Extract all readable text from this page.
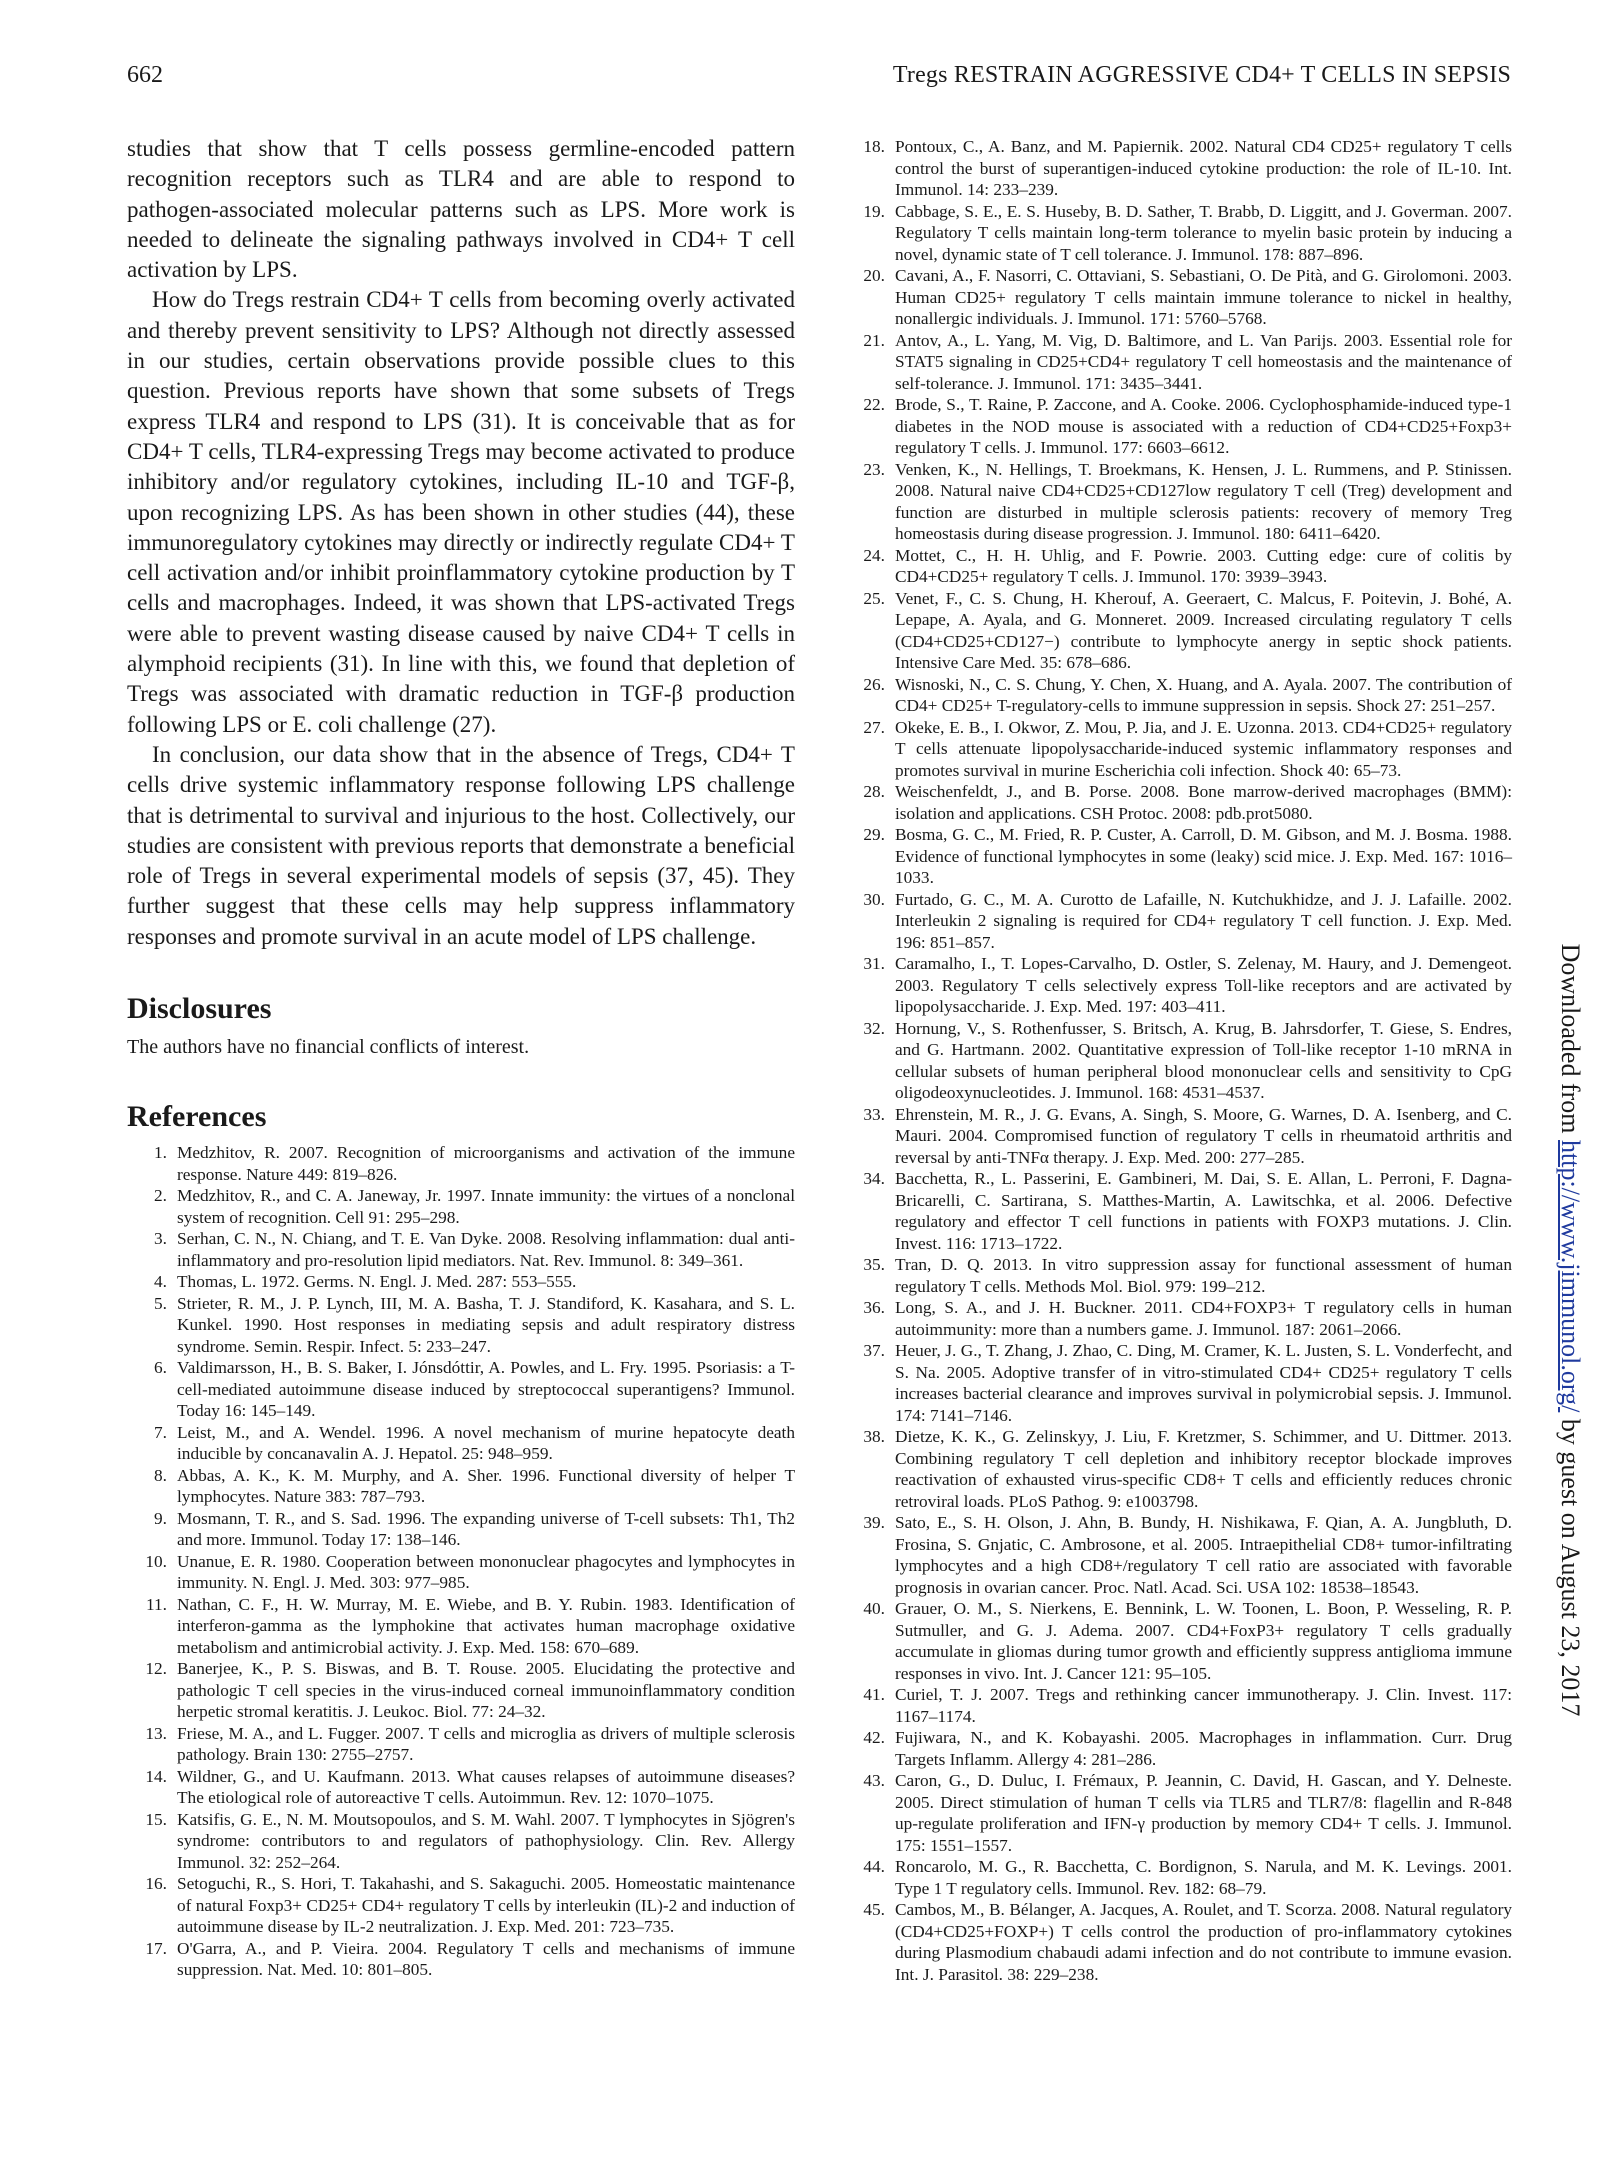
662	Tregs RESTRAIN AGGRESSIVE CD4+ T CELLS IN SEPSIS

studies that show that T cells possess germline-encoded pattern recognition receptors such as TLR4 and are able to respond to pathogen-associated molecular patterns such as LPS. More work is needed to delineate the signaling pathways involved in CD4+ T cell activation by LPS.

How do Tregs restrain CD4+ T cells from becoming overly activated and thereby prevent sensitivity to LPS? Although not directly assessed in our studies, certain observations provide possible clues to this question. Previous reports have shown that some subsets of Tregs express TLR4 and respond to LPS (31). It is conceivable that as for CD4+ T cells, TLR4-expressing Tregs may become activated to produce inhibitory and/or regulatory cytokines, including IL-10 and TGF-β, upon recognizing LPS. As has been shown in other studies (44), these immunoregulatory cytokines may directly or indirectly regulate CD4+ T cell activation and/or inhibit proinflammatory cytokine production by T cells and macrophages. Indeed, it was shown that LPS-activated Tregs were able to prevent wasting disease caused by naive CD4+ T cells in alymphoid recipients (31). In line with this, we found that depletion of Tregs was associated with dramatic reduction in TGF-β production following LPS or E. coli challenge (27).

In conclusion, our data show that in the absence of Tregs, CD4+ T cells drive systemic inflammatory response following LPS challenge that is detrimental to survival and injurious to the host. Collectively, our studies are consistent with previous reports that demonstrate a beneficial role of Tregs in several experimental models of sepsis (37, 45). They further suggest that these cells may help suppress inflammatory responses and promote survival in an acute model of LPS challenge.

Disclosures

The authors have no financial conflicts of interest.

References
1. Medzhitov, R. 2007. Recognition of microorganisms and activation of the immune response. Nature 449: 819–826.
2. Medzhitov, R., and C. A. Janeway, Jr. 1997. Innate immunity: the virtues of a nonclonal system of recognition. Cell 91: 295–298.
3. Serhan, C. N., N. Chiang, and T. E. Van Dyke. 2008. Resolving inflammation: dual anti-inflammatory and pro-resolution lipid mediators. Nat. Rev. Immunol. 8: 349–361.
4. Thomas, L. 1972. Germs. N. Engl. J. Med. 287: 553–555.
5. Strieter, R. M., J. P. Lynch, III, M. A. Basha, T. J. Standiford, K. Kasahara, and S. L. Kunkel. 1990. Host responses in mediating sepsis and adult respiratory distress syndrome. Semin. Respir. Infect. 5: 233–247.
6. Valdimarsson, H., B. S. Baker, I. Jónsdóttir, A. Powles, and L. Fry. 1995. Psoriasis: a T-cell-mediated autoimmune disease induced by streptococcal superantigens? Immunol. Today 16: 145–149.
7. Leist, M., and A. Wendel. 1996. A novel mechanism of murine hepatocyte death inducible by concanavalin A. J. Hepatol. 25: 948–959.
8. Abbas, A. K., K. M. Murphy, and A. Sher. 1996. Functional diversity of helper T lymphocytes. Nature 383: 787–793.
9. Mosmann, T. R., and S. Sad. 1996. The expanding universe of T-cell subsets: Th1, Th2 and more. Immunol. Today 17: 138–146.
10. Unanue, E. R. 1980. Cooperation between mononuclear phagocytes and lymphocytes in immunity. N. Engl. J. Med. 303: 977–985.
11. Nathan, C. F., H. W. Murray, M. E. Wiebe, and B. Y. Rubin. 1983. Identification of interferon-gamma as the lymphokine that activates human macrophage oxidative metabolism and antimicrobial activity. J. Exp. Med. 158: 670–689.
12. Banerjee, K., P. S. Biswas, and B. T. Rouse. 2005. Elucidating the protective and pathologic T cell species in the virus-induced corneal immunoinflammatory condition herpetic stromal keratitis. J. Leukoc. Biol. 77: 24–32.
13. Friese, M. A., and L. Fugger. 2007. T cells and microglia as drivers of multiple sclerosis pathology. Brain 130: 2755–2757.
14. Wildner, G., and U. Kaufmann. 2013. What causes relapses of autoimmune diseases? The etiological role of autoreactive T cells. Autoimmun. Rev. 12: 1070–1075.
15. Katsifis, G. E., N. M. Moutsopoulos, and S. M. Wahl. 2007. T lymphocytes in Sjögren's syndrome: contributors to and regulators of pathophysiology. Clin. Rev. Allergy Immunol. 32: 252–264.
16. Setoguchi, R., S. Hori, T. Takahashi, and S. Sakaguchi. 2005. Homeostatic maintenance of natural Foxp3+ CD25+ CD4+ regulatory T cells by interleukin (IL)-2 and induction of autoimmune disease by IL-2 neutralization. J. Exp. Med. 201: 723–735.
17. O'Garra, A., and P. Vieira. 2004. Regulatory T cells and mechanisms of immune suppression. Nat. Med. 10: 801–805.
18. Pontoux, C., A. Banz, and M. Papiernik. 2002. Natural CD4 CD25+ regulatory T cells control the burst of superantigen-induced cytokine production: the role of IL-10. Int. Immunol. 14: 233–239.
19. Cabbage, S. E., E. S. Huseby, B. D. Sather, T. Brabb, D. Liggitt, and J. Goverman. 2007. Regulatory T cells maintain long-term tolerance to myelin basic protein by inducing a novel, dynamic state of T cell tolerance. J. Immunol. 178: 887–896.
20. Cavani, A., F. Nasorri, C. Ottaviani, S. Sebastiani, O. De Pità, and G. Girolomoni. 2003. Human CD25+ regulatory T cells maintain immune tolerance to nickel in healthy, nonallergic individuals. J. Immunol. 171: 5760–5768.
21. Antov, A., L. Yang, M. Vig, D. Baltimore, and L. Van Parijs. 2003. Essential role for STAT5 signaling in CD25+CD4+ regulatory T cell homeostasis and the maintenance of self-tolerance. J. Immunol. 171: 3435–3441.
22. Brode, S., T. Raine, P. Zaccone, and A. Cooke. 2006. Cyclophosphamide-induced type-1 diabetes in the NOD mouse is associated with a reduction of CD4+CD25+Foxp3+ regulatory T cells. J. Immunol. 177: 6603–6612.
23. Venken, K., N. Hellings, T. Broekmans, K. Hensen, J. L. Rummens, and P. Stinissen. 2008. Natural naive CD4+CD25+CD127low regulatory T cell (Treg) development and function are disturbed in multiple sclerosis patients: recovery of memory Treg homeostasis during disease progression. J. Immunol. 180: 6411–6420.
24. Mottet, C., H. H. Uhlig, and F. Powrie. 2003. Cutting edge: cure of colitis by CD4+CD25+ regulatory T cells. J. Immunol. 170: 3939–3943.
25. Venet, F., C. S. Chung, H. Kherouf, A. Geeraert, C. Malcus, F. Poitevin, J. Bohé, A. Lepape, A. Ayala, and G. Monneret. 2009. Increased circulating regulatory T cells (CD4+CD25+CD127−) contribute to lymphocyte anergy in septic shock patients. Intensive Care Med. 35: 678–686.
26. Wisnoski, N., C. S. Chung, Y. Chen, X. Huang, and A. Ayala. 2007. The contribution of CD4+ CD25+ T-regulatory-cells to immune suppression in sepsis. Shock 27: 251–257.
27. Okeke, E. B., I. Okwor, Z. Mou, P. Jia, and J. E. Uzonna. 2013. CD4+CD25+ regulatory T cells attenuate lipopolysaccharide-induced systemic inflammatory responses and promotes survival in murine Escherichia coli infection. Shock 40: 65–73.
28. Weischenfeldt, J., and B. Porse. 2008. Bone marrow-derived macrophages (BMM): isolation and applications. CSH Protoc. 2008: pdb.prot5080.
29. Bosma, G. C., M. Fried, R. P. Custer, A. Carroll, D. M. Gibson, and M. J. Bosma. 1988. Evidence of functional lymphocytes in some (leaky) scid mice. J. Exp. Med. 167: 1016–1033.
30. Furtado, G. C., M. A. Curotto de Lafaille, N. Kutchukhidze, and J. J. Lafaille. 2002. Interleukin 2 signaling is required for CD4+ regulatory T cell function. J. Exp. Med. 196: 851–857.
31. Caramalho, I., T. Lopes-Carvalho, D. Ostler, S. Zelenay, M. Haury, and J. Demengeot. 2003. Regulatory T cells selectively express Toll-like receptors and are activated by lipopolysaccharide. J. Exp. Med. 197: 403–411.
32. Hornung, V., S. Rothenfusser, S. Britsch, A. Krug, B. Jahrsdorfer, T. Giese, S. Endres, and G. Hartmann. 2002. Quantitative expression of Toll-like receptor 1-10 mRNA in cellular subsets of human peripheral blood mononuclear cells and sensitivity to CpG oligodeoxynucleotides. J. Immunol. 168: 4531–4537.
33. Ehrenstein, M. R., J. G. Evans, A. Singh, S. Moore, G. Warnes, D. A. Isenberg, and C. Mauri. 2004. Compromised function of regulatory T cells in rheumatoid arthritis and reversal by anti-TNFα therapy. J. Exp. Med. 200: 277–285.
34. Bacchetta, R., L. Passerini, E. Gambineri, M. Dai, S. E. Allan, L. Perroni, F. Dagna-Bricarelli, C. Sartirana, S. Matthes-Martin, A. Lawitschka, et al. 2006. Defective regulatory and effector T cell functions in patients with FOXP3 mutations. J. Clin. Invest. 116: 1713–1722.
35. Tran, D. Q. 2013. In vitro suppression assay for functional assessment of human regulatory T cells. Methods Mol. Biol. 979: 199–212.
36. Long, S. A., and J. H. Buckner. 2011. CD4+FOXP3+ T regulatory cells in human autoimmunity: more than a numbers game. J. Immunol. 187: 2061–2066.
37. Heuer, J. G., T. Zhang, J. Zhao, C. Ding, M. Cramer, K. L. Justen, S. L. Vonderfecht, and S. Na. 2005. Adoptive transfer of in vitro-stimulated CD4+ CD25+ regulatory T cells increases bacterial clearance and improves survival in polymicrobial sepsis. J. Immunol. 174: 7141–7146.
38. Dietze, K. K., G. Zelinskyy, J. Liu, F. Kretzmer, S. Schimmer, and U. Dittmer. 2013. Combining regulatory T cell depletion and inhibitory receptor blockade improves reactivation of exhausted virus-specific CD8+ T cells and efficiently reduces chronic retroviral loads. PLoS Pathog. 9: e1003798.
39. Sato, E., S. H. Olson, J. Ahn, B. Bundy, H. Nishikawa, F. Qian, A. A. Jungbluth, D. Frosina, S. Gnjatic, C. Ambrosone, et al. 2005. Intraepithelial CD8+ tumor-infiltrating lymphocytes and a high CD8+/regulatory T cell ratio are associated with favorable prognosis in ovarian cancer. Proc. Natl. Acad. Sci. USA 102: 18538–18543.
40. Grauer, O. M., S. Nierkens, E. Bennink, L. W. Toonen, L. Boon, P. Wesseling, R. P. Sutmuller, and G. J. Adema. 2007. CD4+FoxP3+ regulatory T cells gradually accumulate in gliomas during tumor growth and efficiently suppress antiglioma immune responses in vivo. Int. J. Cancer 121: 95–105.
41. Curiel, T. J. 2007. Tregs and rethinking cancer immunotherapy. J. Clin. Invest. 117: 1167–1174.
42. Fujiwara, N., and K. Kobayashi. 2005. Macrophages in inflammation. Curr. Drug Targets Inflamm. Allergy 4: 281–286.
43. Caron, G., D. Duluc, I. Frémaux, P. Jeannin, C. David, H. Gascan, and Y. Delneste. 2005. Direct stimulation of human T cells via TLR5 and TLR7/8: flagellin and R-848 up-regulate proliferation and IFN-γ production by memory CD4+ T cells. J. Immunol. 175: 1551–1557.
44. Roncarolo, M. G., R. Bacchetta, C. Bordignon, S. Narula, and M. K. Levings. 2001. Type 1 T regulatory cells. Immunol. Rev. 182: 68–79.
45. Cambos, M., B. Bélanger, A. Jacques, A. Roulet, and T. Scorza. 2008. Natural regulatory (CD4+CD25+FOXP+) T cells control the production of pro-inflammatory cytokines during Plasmodium chabaudi adami infection and do not contribute to immune evasion. Int. J. Parasitol. 38: 229–238.
Downloaded from http://www.jimmunol.org/ by guest on August 23, 2017
